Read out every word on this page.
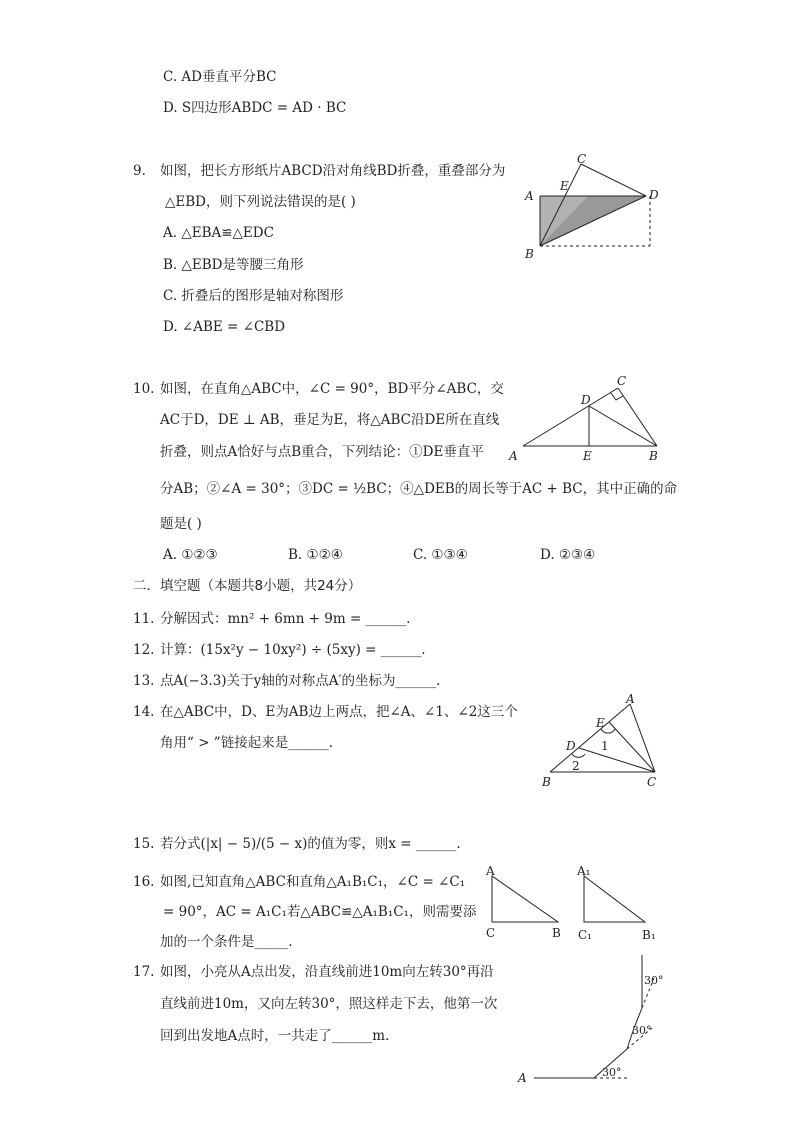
C. AD垂直平分BC
D. S四边形ABDC = AD · BC
9. 如图，把长方形纸片ABCD沿对角线BD折叠，重叠部分为
△EBD，则下列说法错误的是( )
A. △EBA≌△EDC
B. △EBD是等腰三角形
C. 折叠后的图形是轴对称图形
D. ∠ABE = ∠CBD
A
B
C
D
E
10. 如图，在直角△ABC中，∠C = 90°，BD平分∠ABC，交
AC于D，DE ⊥ AB，垂足为E，将△ABC沿DE所在直线
折叠，则点A恰好与点B重合，下列结论：①DE垂直平
分AB；②∠A = 30°；③DC = ½BC；④△DEB的周长等于AC + BC，其中正确的命
题是( )
A. ①②③	B. ①②④	C. ①③④	D. ②③④
A	B
C
D
E
二．填空题（本题共8小题，共24分）
11. 分解因式：mn² + 6mn + 9m = ______.
12. 计算：(15x²y − 10xy²) ÷ (5xy) = ______.
13. 点A(−3.3)关于y轴的对称点A′的坐标为______.
14. 在△ABC中，D、E为AB边上两点，把∠A、∠1、∠2这三个
角用“ > ”链接起来是______.
A
B	C
D
E
1
2
15. 若分式(|x| − 5)/(5 − x)的值为零，则x = ______.
16. 如图,已知直角△ABC和直角△A₁B₁C₁，∠C = ∠C₁
= 90°，AC = A₁C₁若△ABC≌△A₁B₁C₁，则需要添
加的一个条件是_____.
A
B
C
A₁
B₁
C₁
17. 如图，小亮从A点出发，沿直线前进10m向左转30°再沿
直线前进10m，又向左转30°，照这样走下去，他第一次
回到出发地A点时，一共走了______m.
A	30°
30°
30°
